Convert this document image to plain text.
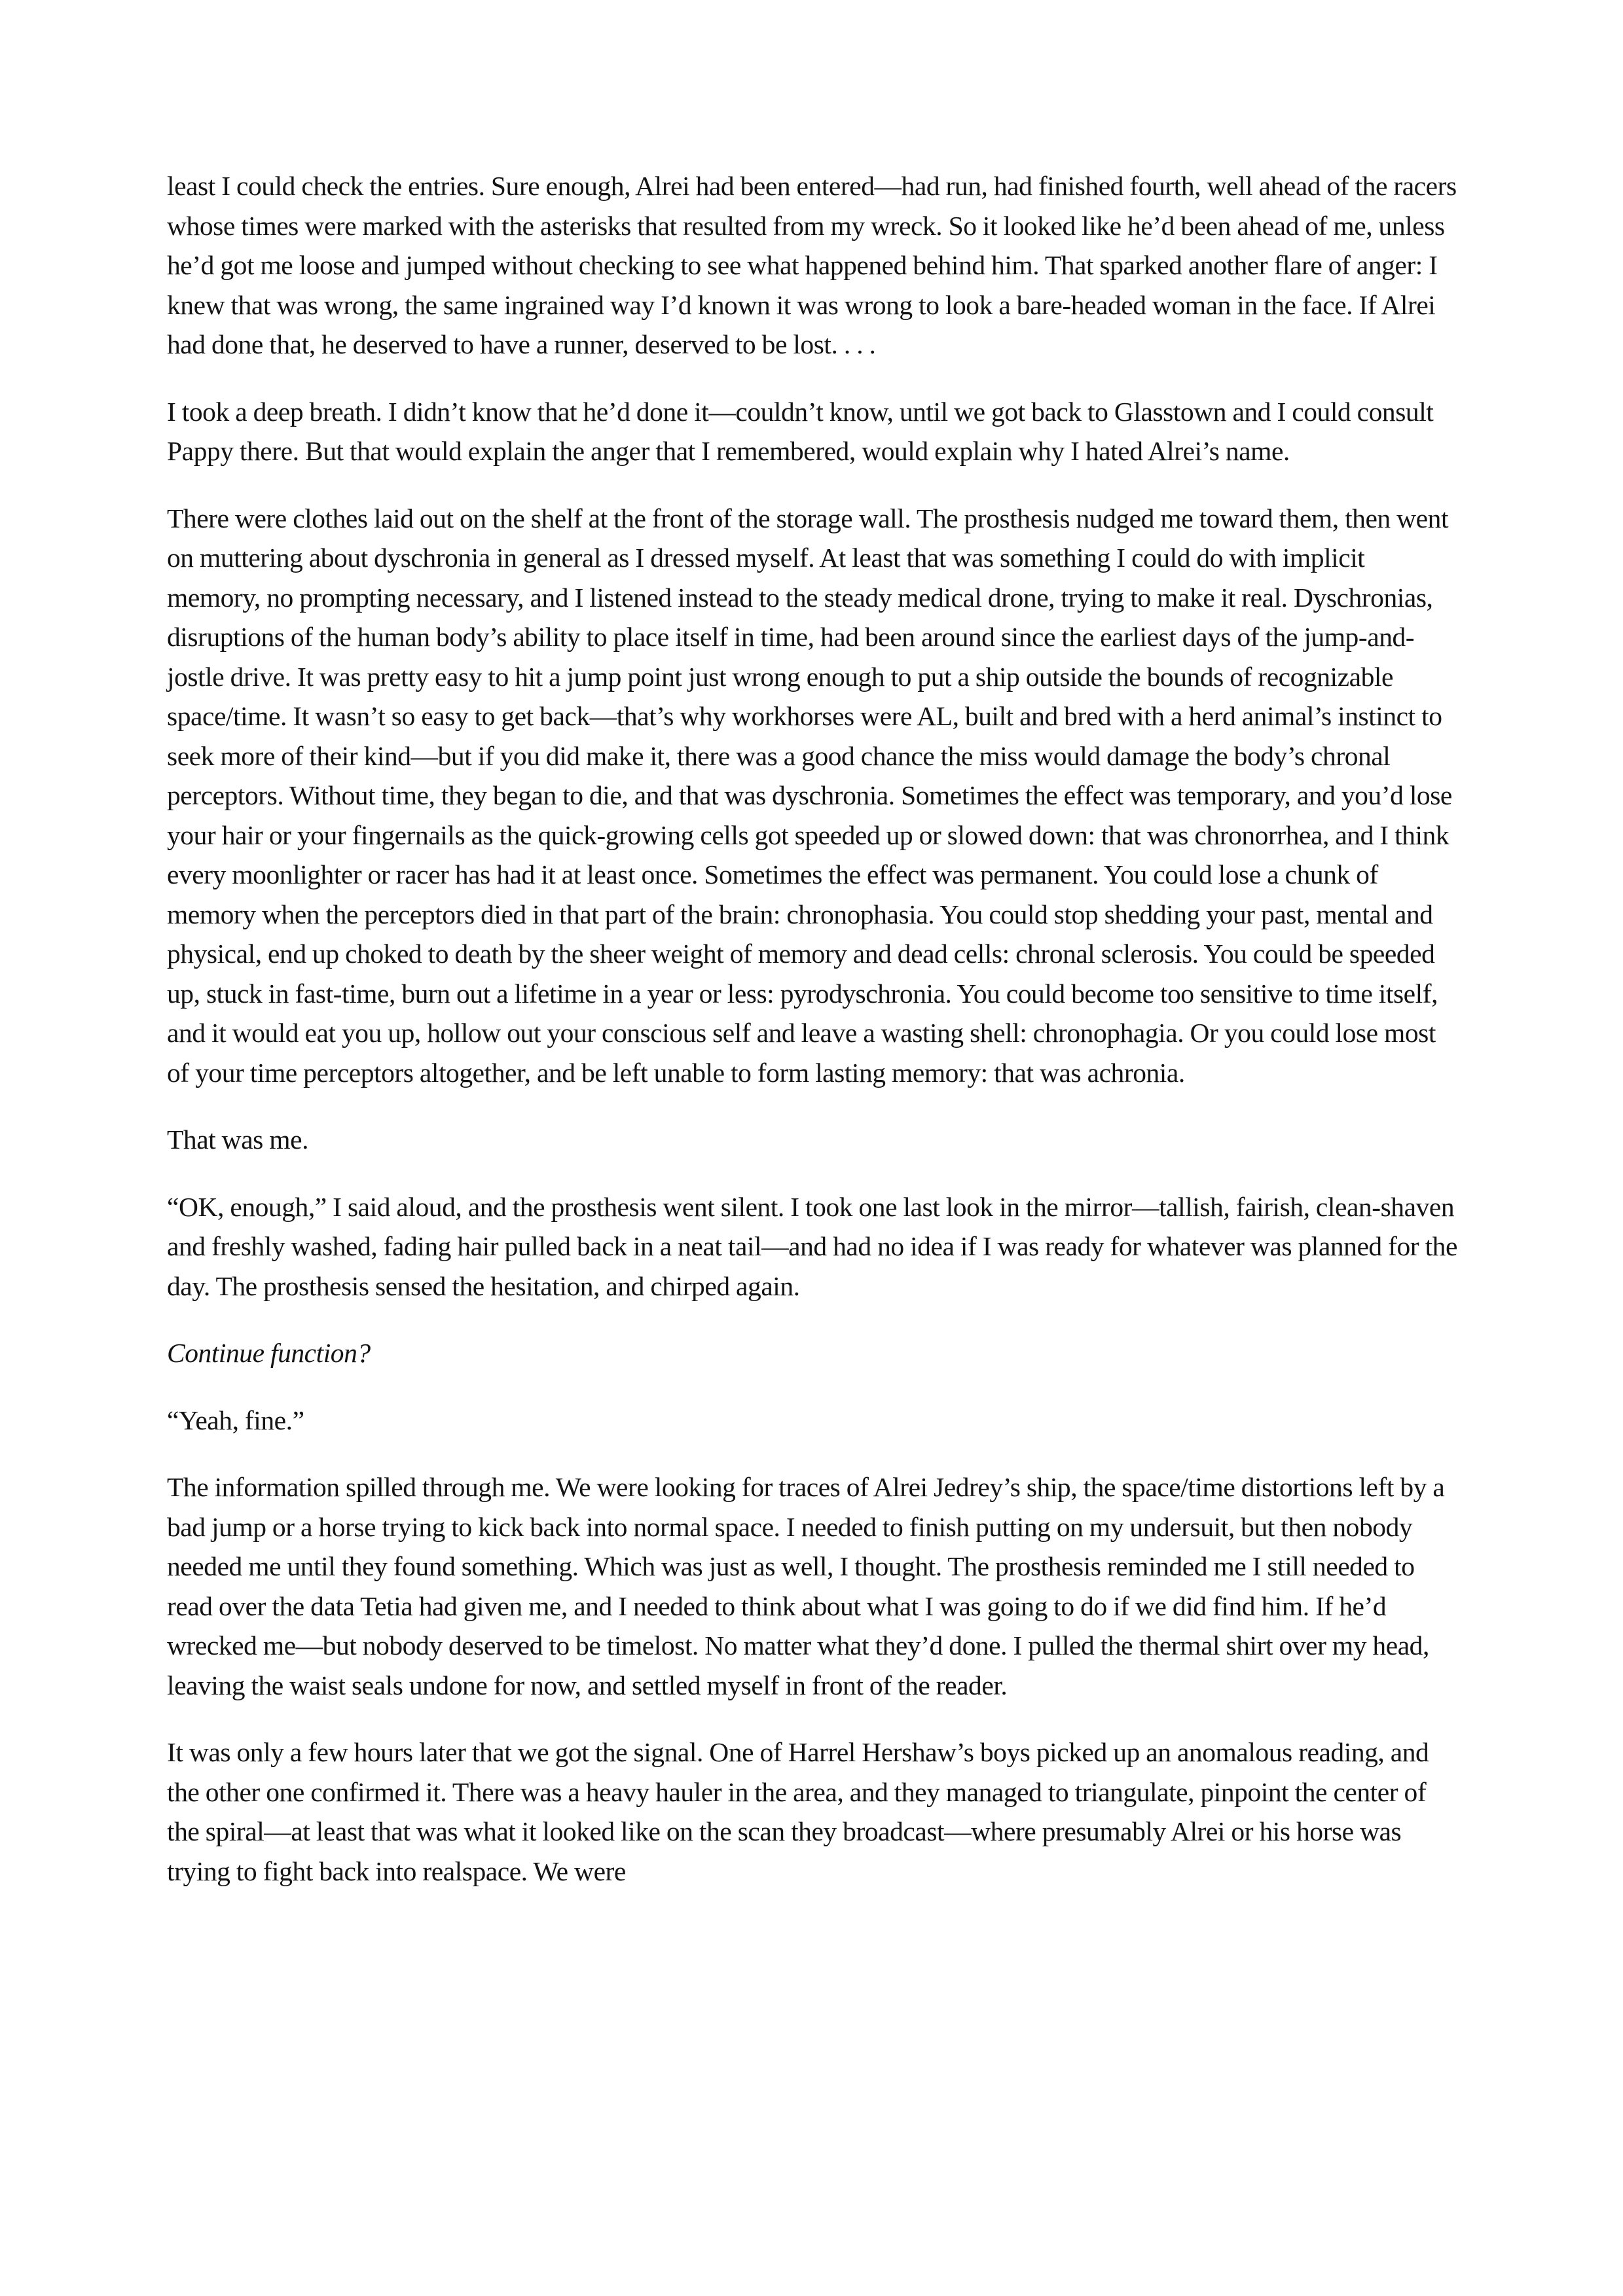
least I could check the entries. Sure enough, Alrei had been entered—had run, had finished fourth, well ahead of the racers whose times were marked with the asterisks that resulted from my wreck. So it looked like he’d been ahead of me, unless he’d got me loose and jumped without checking to see what happened behind him. That sparked another flare of anger: I knew that was wrong, the same ingrained way I’d known it was wrong to look a bare-headed woman in the face. If Alrei had done that, he deserved to have a runner, deserved to be lost. . . .

I took a deep breath. I didn’t know that he’d done it—couldn’t know, until we got back to Glasstown and I could consult Pappy there. But that would explain the anger that I remembered, would explain why I hated Alrei’s name.

There were clothes laid out on the shelf at the front of the storage wall. The prosthesis nudged me toward them, then went on muttering about dyschronia in general as I dressed myself. At least that was something I could do with implicit memory, no prompting necessary, and I listened instead to the steady medical drone, trying to make it real. Dyschronias, disruptions of the human body’s ability to place itself in time, had been around since the earliest days of the jump-and-jostle drive. It was pretty easy to hit a jump point just wrong enough to put a ship outside the bounds of recognizable space/time. It wasn’t so easy to get back—that’s why workhorses were AL, built and bred with a herd animal’s instinct to seek more of their kind—but if you did make it, there was a good chance the miss would damage the body’s chronal perceptors. Without time, they began to die, and that was dyschronia. Sometimes the effect was temporary, and you’d lose your hair or your fingernails as the quick-growing cells got speeded up or slowed down: that was chronorrhea, and I think every moonlighter or racer has had it at least once. Sometimes the effect was permanent. You could lose a chunk of memory when the perceptors died in that part of the brain: chronophasia. You could stop shedding your past, mental and physical, end up choked to death by the sheer weight of memory and dead cells: chronal sclerosis. You could be speeded up, stuck in fast-time, burn out a lifetime in a year or less: pyrodyschronia. You could become too sensitive to time itself, and it would eat you up, hollow out your conscious self and leave a wasting shell: chronophagia. Or you could lose most of your time perceptors altogether, and be left unable to form lasting memory: that was achronia.

That was me.

“OK, enough,” I said aloud, and the prosthesis went silent. I took one last look in the mirror—tallish, fairish, clean-shaven and freshly washed, fading hair pulled back in a neat tail—and had no idea if I was ready for whatever was planned for the day. The prosthesis sensed the hesitation, and chirped again.

Continue function?

“Yeah, fine.”

The information spilled through me. We were looking for traces of Alrei Jedrey’s ship, the space/time distortions left by a bad jump or a horse trying to kick back into normal space. I needed to finish putting on my undersuit, but then nobody needed me until they found something. Which was just as well, I thought. The prosthesis reminded me I still needed to read over the data Tetia had given me, and I needed to think about what I was going to do if we did find him. If he’d wrecked me—but nobody deserved to be timelost. No matter what they’d done. I pulled the thermal shirt over my head, leaving the waist seals undone for now, and settled myself in front of the reader.

It was only a few hours later that we got the signal. One of Harrel Hershaw’s boys picked up an anomalous reading, and the other one confirmed it. There was a heavy hauler in the area, and they managed to triangulate, pinpoint the center of the spiral—at least that was what it looked like on the scan they broadcast—where presumably Alrei or his horse was trying to fight back into realspace. We were
